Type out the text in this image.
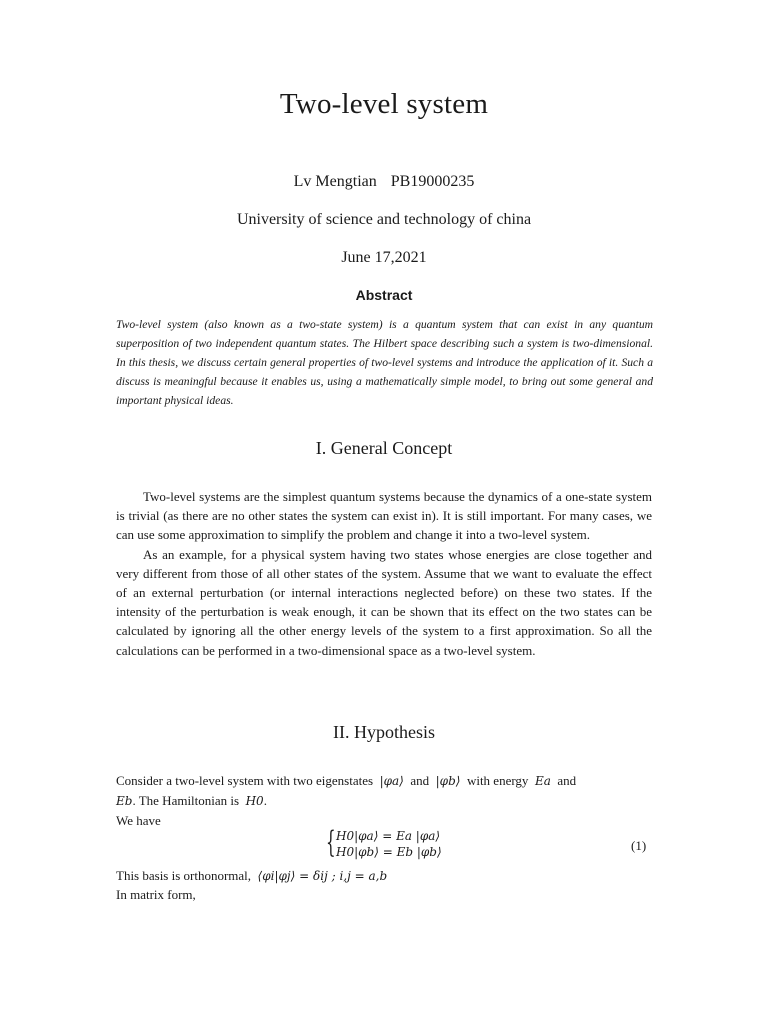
Two-level system
Lv Mengtian PB19000235
University of science and technology of china
June 17,2021
Abstract
Two-level system (also known as a two-state system) is a quantum system that can exist in any quantum superposition of two independent quantum states. The Hilbert space describing such a system is two-dimensional. In this thesis, we discuss certain general properties of two-level systems and introduce the application of it. Such a discuss is meaningful because it enables us, using a mathematically simple model, to bring out some general and important physical ideas.
I. General Concept

Two-level systems are the simplest quantum systems because the dynamics of a one-state system is trivial (as there are no other states the system can exist in). It is still important. For many cases, we can use some approximation to simplify the problem and change it into a two-level system.

As an example, for a physical system having two states whose energies are close together and very different from those of all other states of the system. Assume that we want to evaluate the effect of an external perturbation (or internal interactions neglected before) on these two states. If the intensity of the perturbation is weak enough, it can be shown that its effect on the two states can be calculated by ignoring all the other energy levels of the system to a first approximation. So all the calculations can be performed in a two-dimensional space as a two-level system.

II. Hypothesis
Consider a two-level system with two eigenstates |φa⟩ and |φb⟩ with energy Ea and
Eb. The Hamiltonian is H0.
We have
{ H0|φa⟩ = Ea |φa⟩
H0|φb⟩ = Eb |φb⟩	(1)
This basis is orthonormal, ⟨φi|φj⟩ = δij ; i,j = a,b
In matrix form,
